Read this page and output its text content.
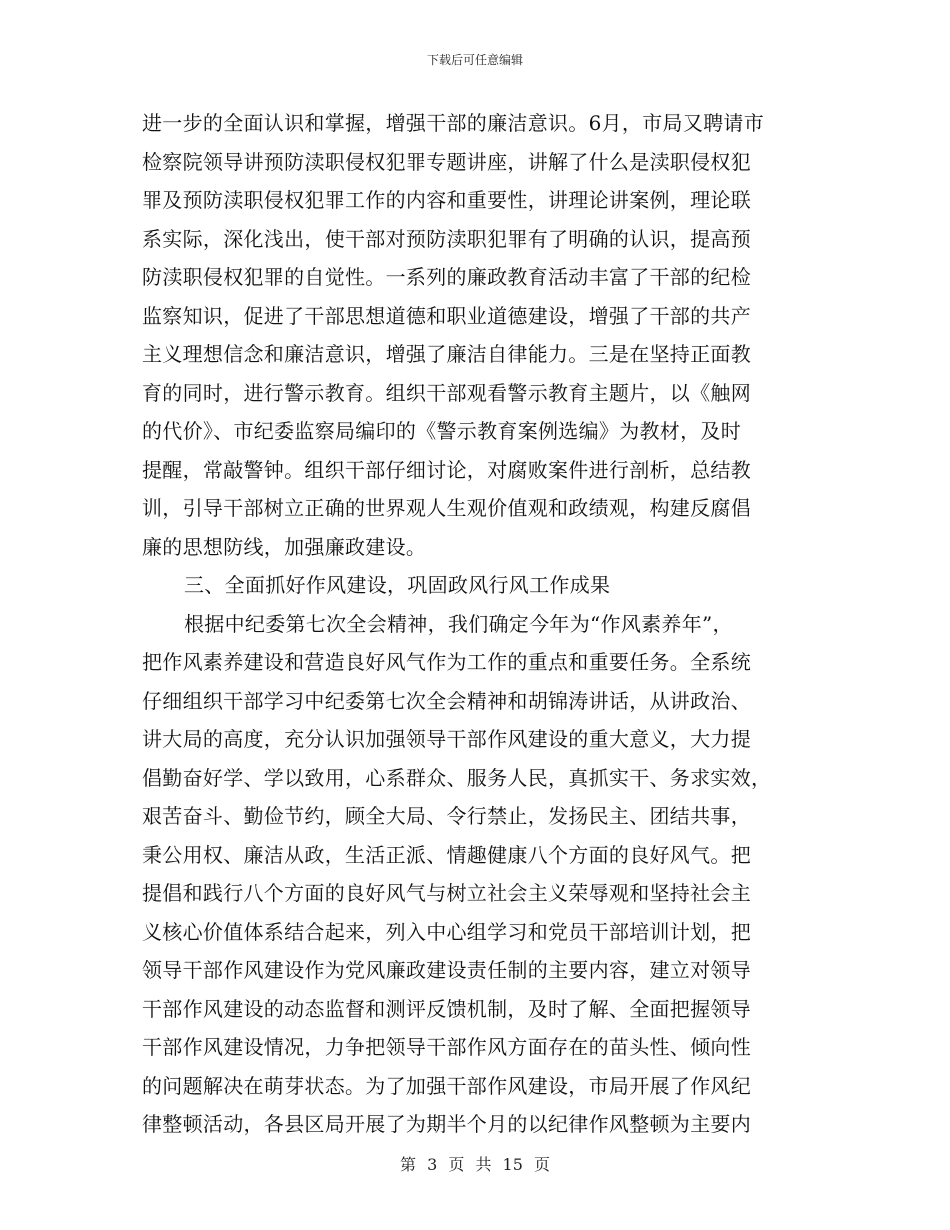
下载后可任意编辑
进一步的全面认识和掌握，增强干部的廉洁意识。6月，市局又聘请市
检察院领导讲预防渎职侵权犯罪专题讲座，讲解了什么是渎职侵权犯
罪及预防渎职侵权犯罪工作的内容和重要性，讲理论讲案例，理论联
系实际，深化浅出，使干部对预防渎职犯罪有了明确的认识，提高预
防渎职侵权犯罪的自觉性。一系列的廉政教育活动丰富了干部的纪检
监察知识，促进了干部思想道德和职业道德建设，增强了干部的共产
主义理想信念和廉洁意识，增强了廉洁自律能力。三是在坚持正面教
育的同时，进行警示教育。组织干部观看警示教育主题片，以《触网
的代价》、市纪委监察局编印的《警示教育案例选编》为教材，及时
提醒，常敲警钟。组织干部仔细讨论，对腐败案件进行剖析，总结教
训，引导干部树立正确的世界观人生观价值观和政绩观，构建反腐倡
廉的思想防线，加强廉政建设。
三、全面抓好作风建设，巩固政风行风工作成果
根据中纪委第七次全会精神，我们确定今年为“作风素养年”，
把作风素养建设和营造良好风气作为工作的重点和重要任务。全系统
仔细组织干部学习中纪委第七次全会精神和胡锦涛讲话，从讲政治、
讲大局的高度，充分认识加强领导干部作风建设的重大意义，大力提
倡勤奋好学、学以致用，心系群众、服务人民，真抓实干、务求实效，
艰苦奋斗、勤俭节约，顾全大局、令行禁止，发扬民主、团结共事，
秉公用权、廉洁从政，生活正派、情趣健康八个方面的良好风气。把
提倡和践行八个方面的良好风气与树立社会主义荣辱观和坚持社会主
义核心价值体系结合起来，列入中心组学习和党员干部培训计划，把
领导干部作风建设作为党风廉政建设责任制的主要内容，建立对领导
干部作风建设的动态监督和测评反馈机制，及时了解、全面把握领导
干部作风建设情况，力争把领导干部作风方面存在的苗头性、倾向性
的问题解决在萌芽状态。为了加强干部作风建设，市局开展了作风纪
律整顿活动，各县区局开展了为期半个月的以纪律作风整顿为主要内
第 3 页 共 15 页
